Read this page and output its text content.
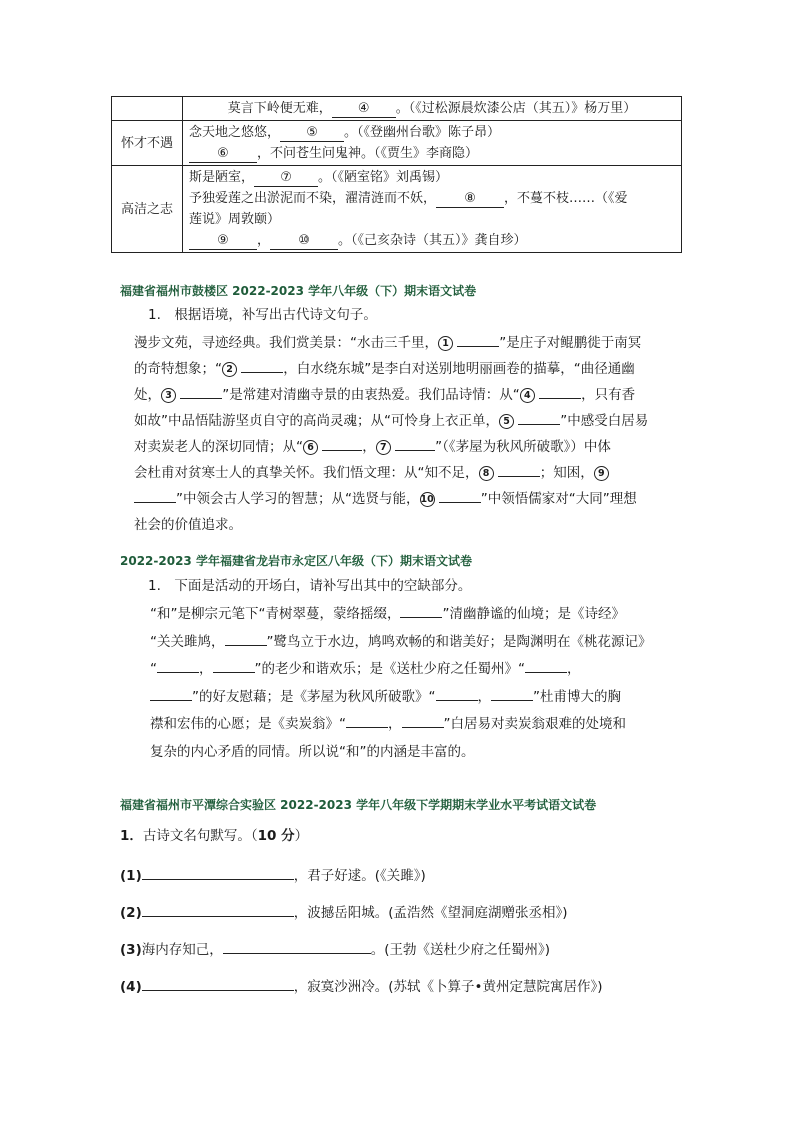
	莫言下岭便无难， ④ 。（《过松源晨炊漆公店（其五）》杨万里）

怀才不遇	念天地之悠悠， ⑤ 。（《登幽州台歌》陈子昂）
⑥ ，不问苍生问鬼神。（《贾生》李商隐）

高洁之志	斯是陋室， ⑦ 。（《陋室铭》刘禹锡）
予独爱莲之出淤泥而不染，濯清涟而不妖， ⑧ ，不蔓不枝……（《爱
莲说》周敦颐）
⑨ ， ⑩ 。（《己亥杂诗（其五）》龚自珍）
福建省福州市鼓楼区 2022-2023 学年八年级（下）期末语文试卷
1.　根据语境，补写出古代诗文句子。
漫步文苑，寻迹经典。我们赏美景：“水击三千里， 1	”是庄子对鲲鹏徙于南冥
的奇特想象；“ 2	，白水绕东城”是李白对送别地明丽画卷的描摹，“曲径通幽
处， 3	”是常建对清幽寺景的由衷热爱。我们品诗情：从“ 4	，只有香
如故”中品悟陆游坚贞自守的高尚灵魂；从“可怜身上衣正单， 5	”中感受白居易
对卖炭老人的深切同情；从“ 6	， 7	”（《茅屋为秋风所破歌》）中体
会杜甫对贫寒士人的真挚关怀。我们悟文理：从“知不足， 8	；知困， 9
”中领会古人学习的智慧；从“选贤与能，10	”中领悟儒家对“大同”理想
社会的价值追求。
2022-2023 学年福建省龙岩市永定区八年级（下）期末语文试卷
1.　下面是活动的开场白，请补写出其中的空缺部分。
“和”是柳宗元笔下“青树翠蔓，蒙络摇缀，	”清幽静谧的仙境；是《诗经》
“关关雎鸠，	”鹭鸟立于水边，鸠鸣欢畅的和谐美好；是陶渊明在《桃花源记》
“	，	”的老少和谐欢乐；是《送杜少府之任蜀州》“	，
”的好友慰藉；是《茅屋为秋风所破歌》“	，	”杜甫博大的胸
襟和宏伟的心愿；是《卖炭翁》“	，	”白居易对卖炭翁艰难的处境和
复杂的内心矛盾的同情。所以说“和”的内涵是丰富的。
福建省福州市平潭综合实验区 2022-2023 学年八年级下学期期末学业水平考试语文试卷
1．古诗文名句默写。（10 分）
(1)	，君子好逑。(《关雎》)
(2)	，波撼岳阳城。(孟浩然《望洞庭湖赠张丞相》)
(3)海内存知己，	。(王勃《送杜少府之任蜀州》)
(4)	，寂寞沙洲冷。(苏轼《卜算子•黄州定慧院寓居作》)
